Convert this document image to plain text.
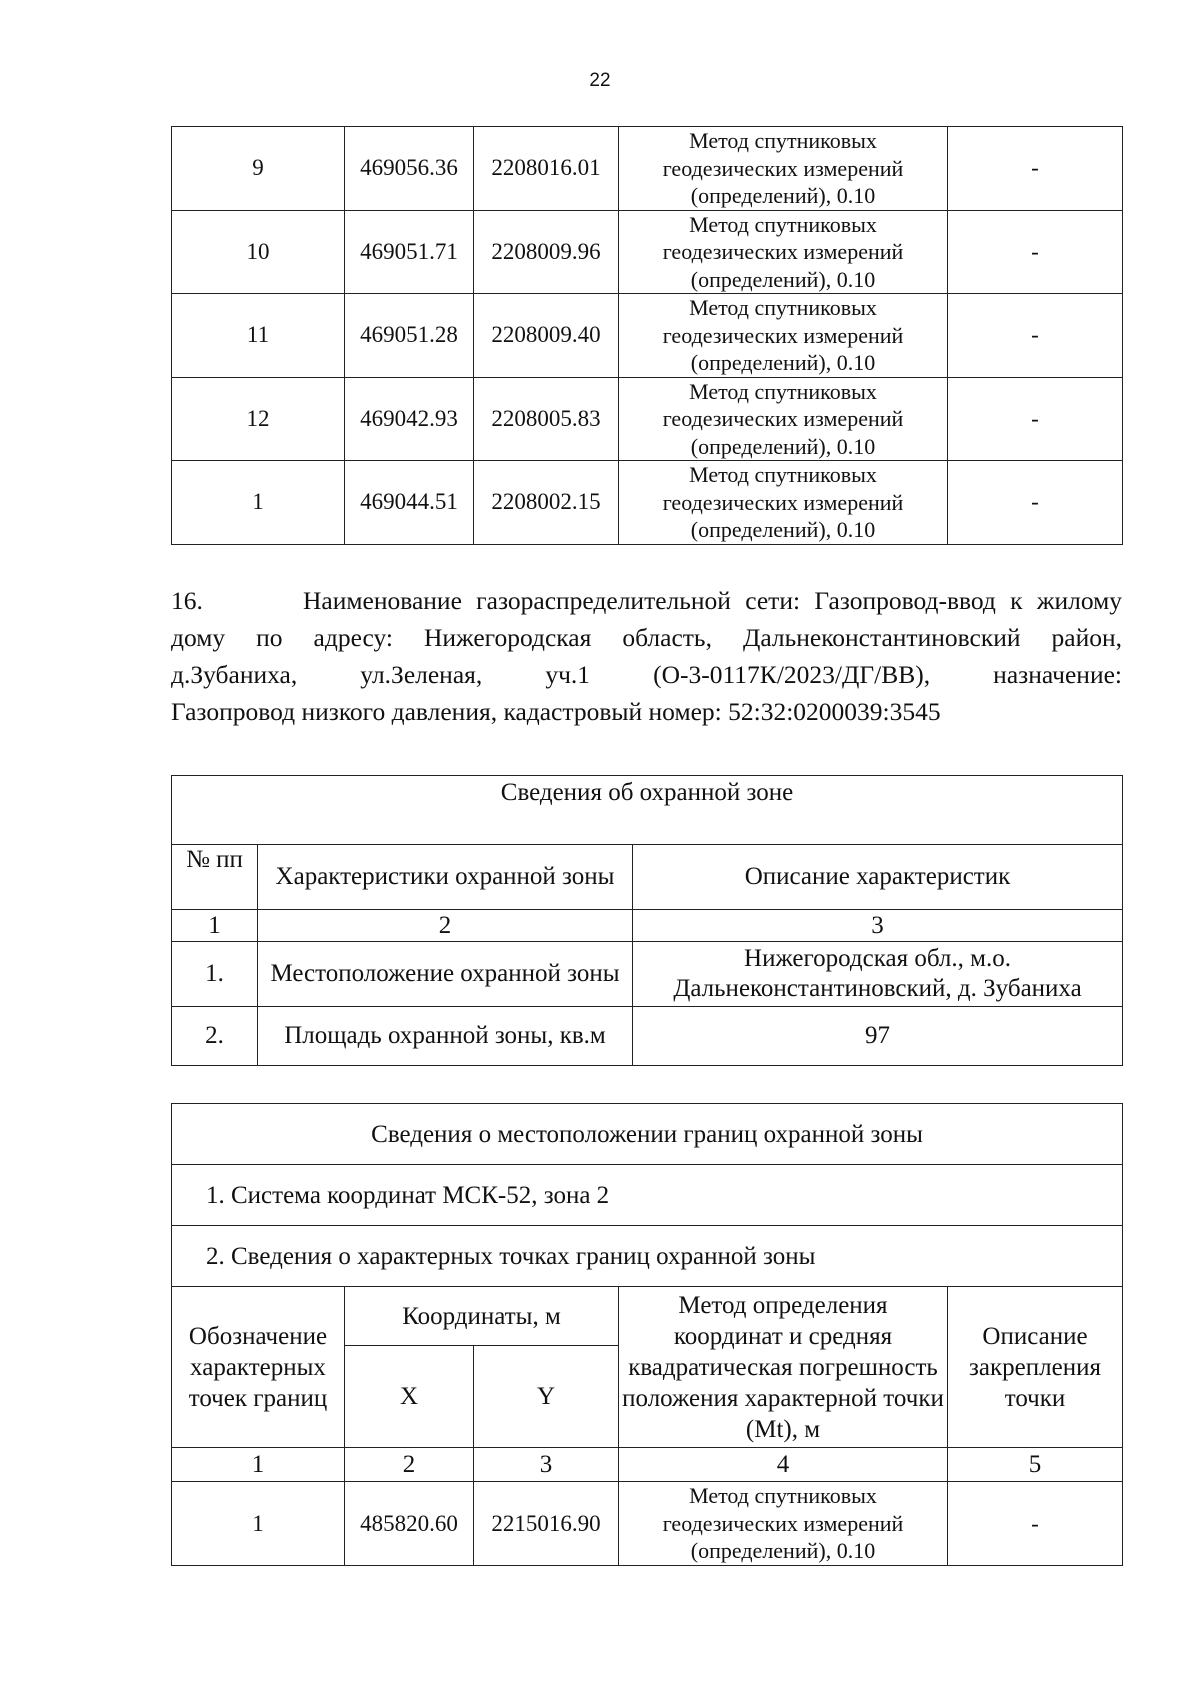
22
9	469056.36	2208016.01	Метод спутниковых
геодезических измерений
(определений), 0.10	-
10	469051.71	2208009.96	Метод спутниковых
геодезических измерений
(определений), 0.10	-
11	469051.28	2208009.40	Метод спутниковых
геодезических измерений
(определений), 0.10	-
12	469042.93	2208005.83	Метод спутниковых
геодезических измерений
(определений), 0.10	-
1	469044.51	2208002.15	Метод спутниковых
геодезических измерений
(определений), 0.10	-
16.       Наименование газораспределительной сети: Газопровод-ввод к жилому
дому по адресу: Нижегородская область, Дальнеконстантиновский район,
д.Зубаниха, ул.Зеленая, уч.1 (О-3-0117К/2023/ДГ/ВВ), назначение:
Газопровод низкого давления, кадастровый номер: 52:32:0200039:3545
Сведения об охранной зоне		
№ пп	Характеристики охранной зоны	Описание характеристик
1	2	3
1.	Местоположение охранной зоны	Нижегородская обл., м.о. Дальнеконстантиновский, д. Зубаниха
2.	Площадь охранной зоны, кв.м	97
Сведения о местоположении границ охранной зоны				
1. Система координат МСК-52, зона 2				
2. Сведения о характерных точках границ охранной зоны				
Обозначение характерных точек границ	Координаты, м		Метод определения координат и средняя квадратическая погрешность положения характерной точки (Mt), м	Описание закрепления точки
	X	Y		
1	2	3	4	5
1	485820.60	2215016.90	Метод спутниковых
геодезических измерений
(определений), 0.10	-
